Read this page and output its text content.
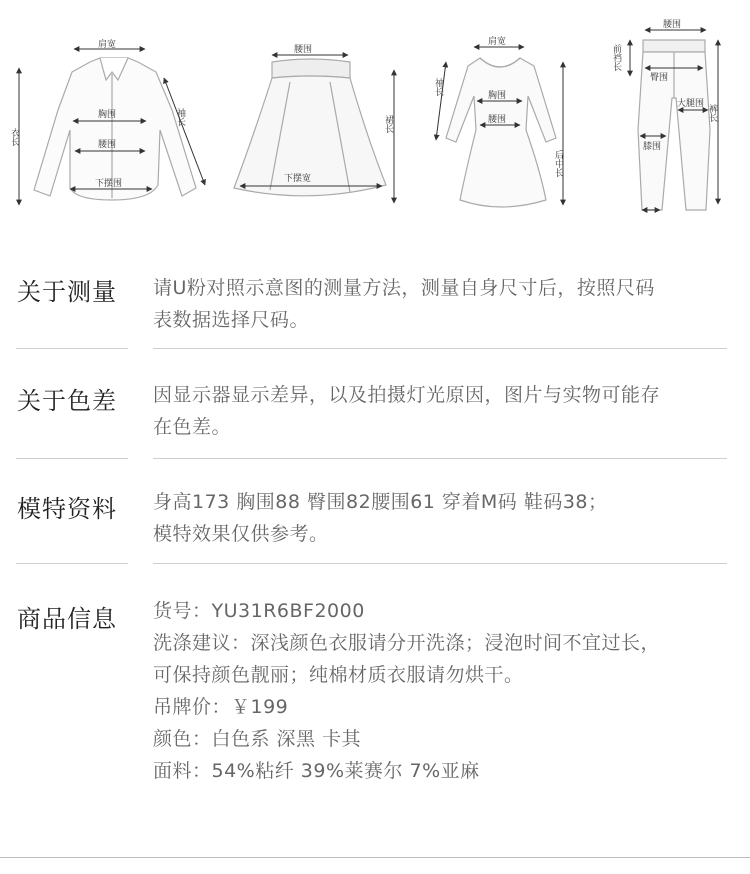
肩宽
衣长
袖长
胸围
腰围
下摆围
腰围
裙长
下摆宽
肩宽
袖长	胸围
腰围
后中长
腰围
前裆长
臀围
大腿围 裤长
膝围
关于测量 请U粉对照示意图的测量方法，测量自身尺寸后，按照尺码

表数据选择尺码。

关于色差 因显示器显示差异，以及拍摄灯光原因，图片与实物可能存

在色差。

模特资料 身高173 胸围88 臀围82腰围61 穿着M码 鞋码38；

模特效果仅供参考。

商品信息 货号：YU31R6BF2000

洗涤建议：深浅颜色衣服请分开洗涤；浸泡时间不宜过长，

可保持颜色靓丽；纯棉材质衣服请勿烘干。

吊牌价：￥199

颜色：白色系 深黑 卡其

面料：54%粘纤 39%莱赛尔 7%亚麻
